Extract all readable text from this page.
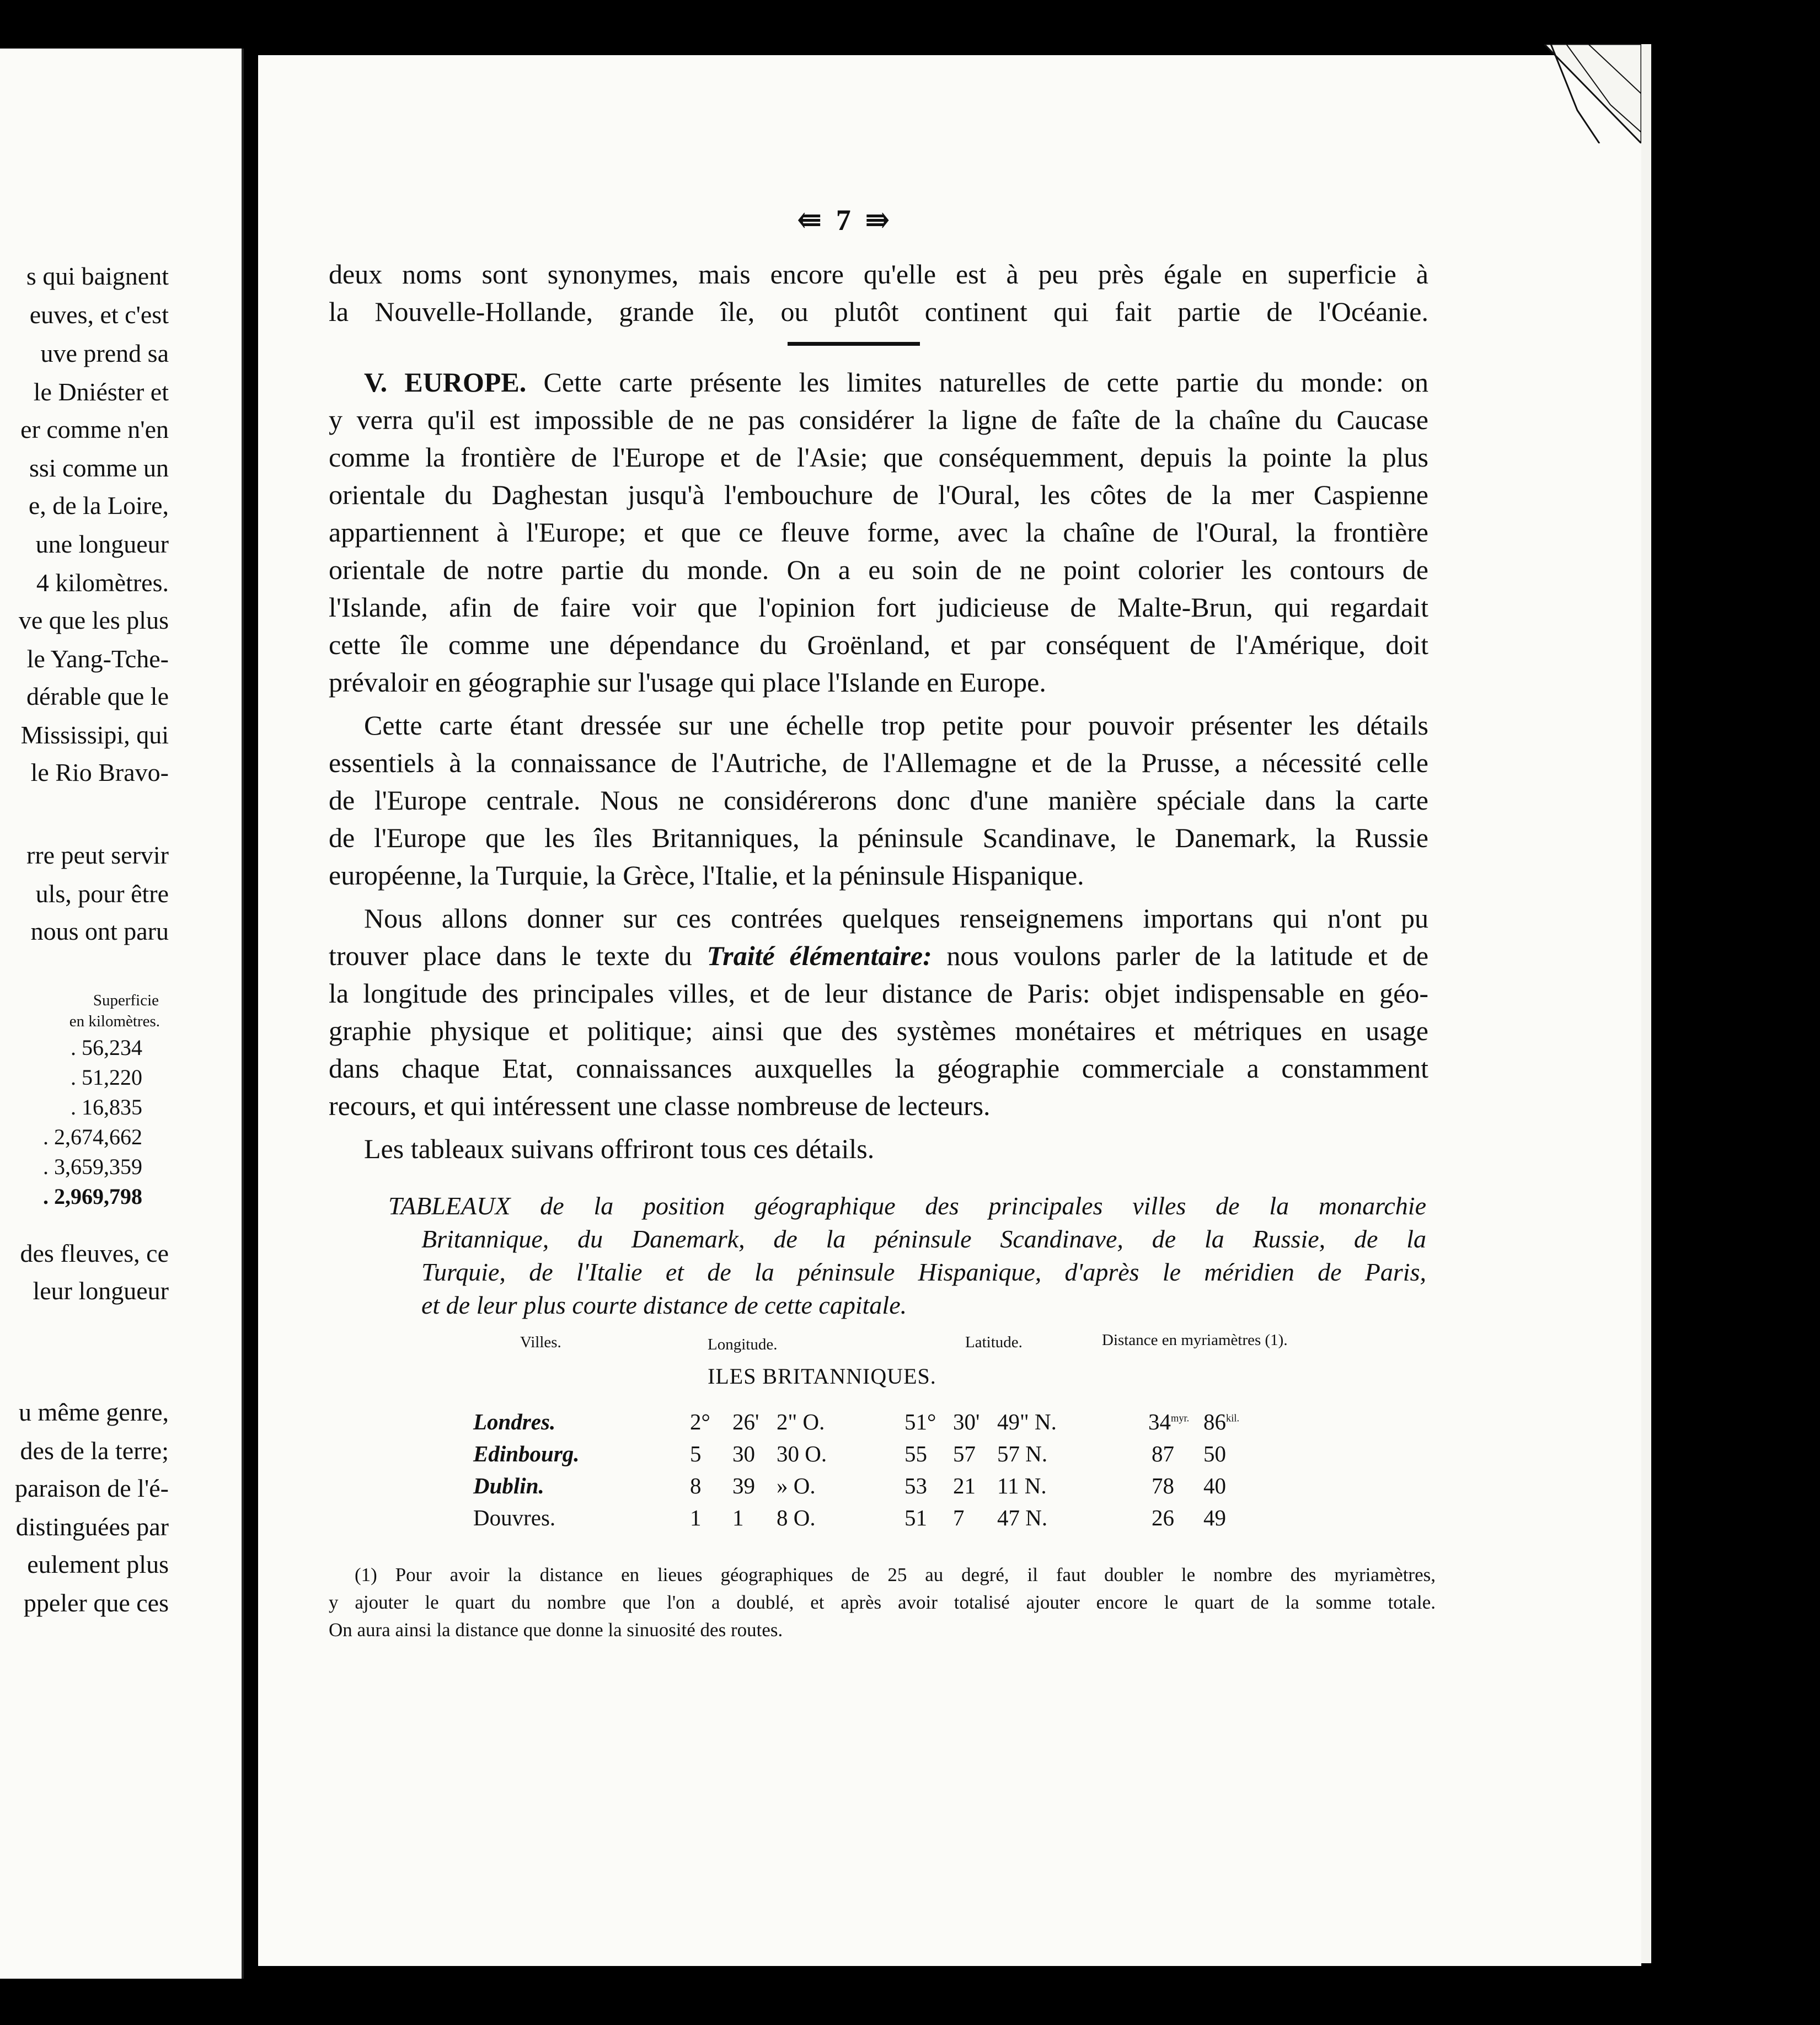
s qui baignent
euves, et c'est
uve prend sa
le Dniéster et
er comme n'en
ssi comme un
e, de la Loire,
une longueur
4 kilomètres.
ve que les plus
le Yang-Tche-
dérable que le
Mississipi, qui
le Rio Bravo-
rre peut servir
uls, pour être
nous ont paru
Superficie
en kilomètres.
. 56,234
. 51,220
. 16,835
. 2,674,662
. 3,659,359
. 2,969,798
des fleuves, ce
leur longueur
u même genre,
des de la terre;
paraison de l'é-
distinguées par
eulement plus
ppeler que ces
⇚ 7 ⇛
deux noms sont synonymes, mais encore qu'elle est à peu près égale en superficie à
la Nouvelle-Hollande, grande île, ou plutôt continent qui fait partie de l'Océanie.
V. EUROPE. Cette carte présente les limites naturelles de cette partie du monde: on
y verra qu'il est impossible de ne pas considérer la ligne de faîte de la chaîne du Caucase
comme la frontière de l'Europe et de l'Asie; que conséquemment, depuis la pointe la plus
orientale du Daghestan jusqu'à l'embouchure de l'Oural, les côtes de la mer Caspienne
appartiennent à l'Europe; et que ce fleuve forme, avec la chaîne de l'Oural, la frontière
orientale de notre partie du monde. On a eu soin de ne point colorier les contours de
l'Islande, afin de faire voir que l'opinion fort judicieuse de Malte-Brun, qui regardait
cette île comme une dépendance du Groënland, et par conséquent de l'Amérique, doit
prévaloir en géographie sur l'usage qui place l'Islande en Europe.
Cette carte étant dressée sur une échelle trop petite pour pouvoir présenter les détails
essentiels à la connaissance de l'Autriche, de l'Allemagne et de la Prusse, a nécessité celle
de l'Europe centrale. Nous ne considérerons donc d'une manière spéciale dans la carte
de l'Europe que les îles Britanniques, la péninsule Scandinave, le Danemark, la Russie
européenne, la Turquie, la Grèce, l'Italie, et la péninsule Hispanique.
Nous allons donner sur ces contrées quelques renseignemens importans qui n'ont pu
trouver place dans le texte du Traité élémentaire: nous voulons parler de la latitude et de
la longitude des principales villes, et de leur distance de Paris: objet indispensable en géo-
graphie physique et politique; ainsi que des systèmes monétaires et métriques en usage
dans chaque Etat, connaissances auxquelles la géographie commerciale a constamment
recours, et qui intéressent une classe nombreuse de lecteurs.
Les tableaux suivans offriront tous ces détails.
TABLEAUX de la position géographique des principales villes de la monarchie
Britannique, du Danemark, de la péninsule Scandinave, de la Russie, de la
Turquie, de l'Italie et de la péninsule Hispanique, d'après le méridien de Paris,
et de leur plus courte distance de cette capitale.
Villes.	Longitude.	Latitude.	Distance en myriamètres (1).
ILES BRITANNIQUES.
Londres.	2° 26' 2" O.	51° 30' 49" N.	$34^{myr.}$ $86^{kil.}$
Edinbourg.	5 30 30 O.	55 57 57 N.	87 50
Dublin.	8 39 » O.	53 21 11 N.	78 40
Douvres.	1 1 8 O.	51 7 47 N.	26 49
(1) Pour avoir la distance en lieues géographiques de 25 au degré, il faut doubler le nombre des myriamètres,
y ajouter le quart du nombre que l'on a doublé, et après avoir totalisé ajouter encore le quart de la somme totale.
On aura ainsi la distance que donne la sinuosité des routes.
